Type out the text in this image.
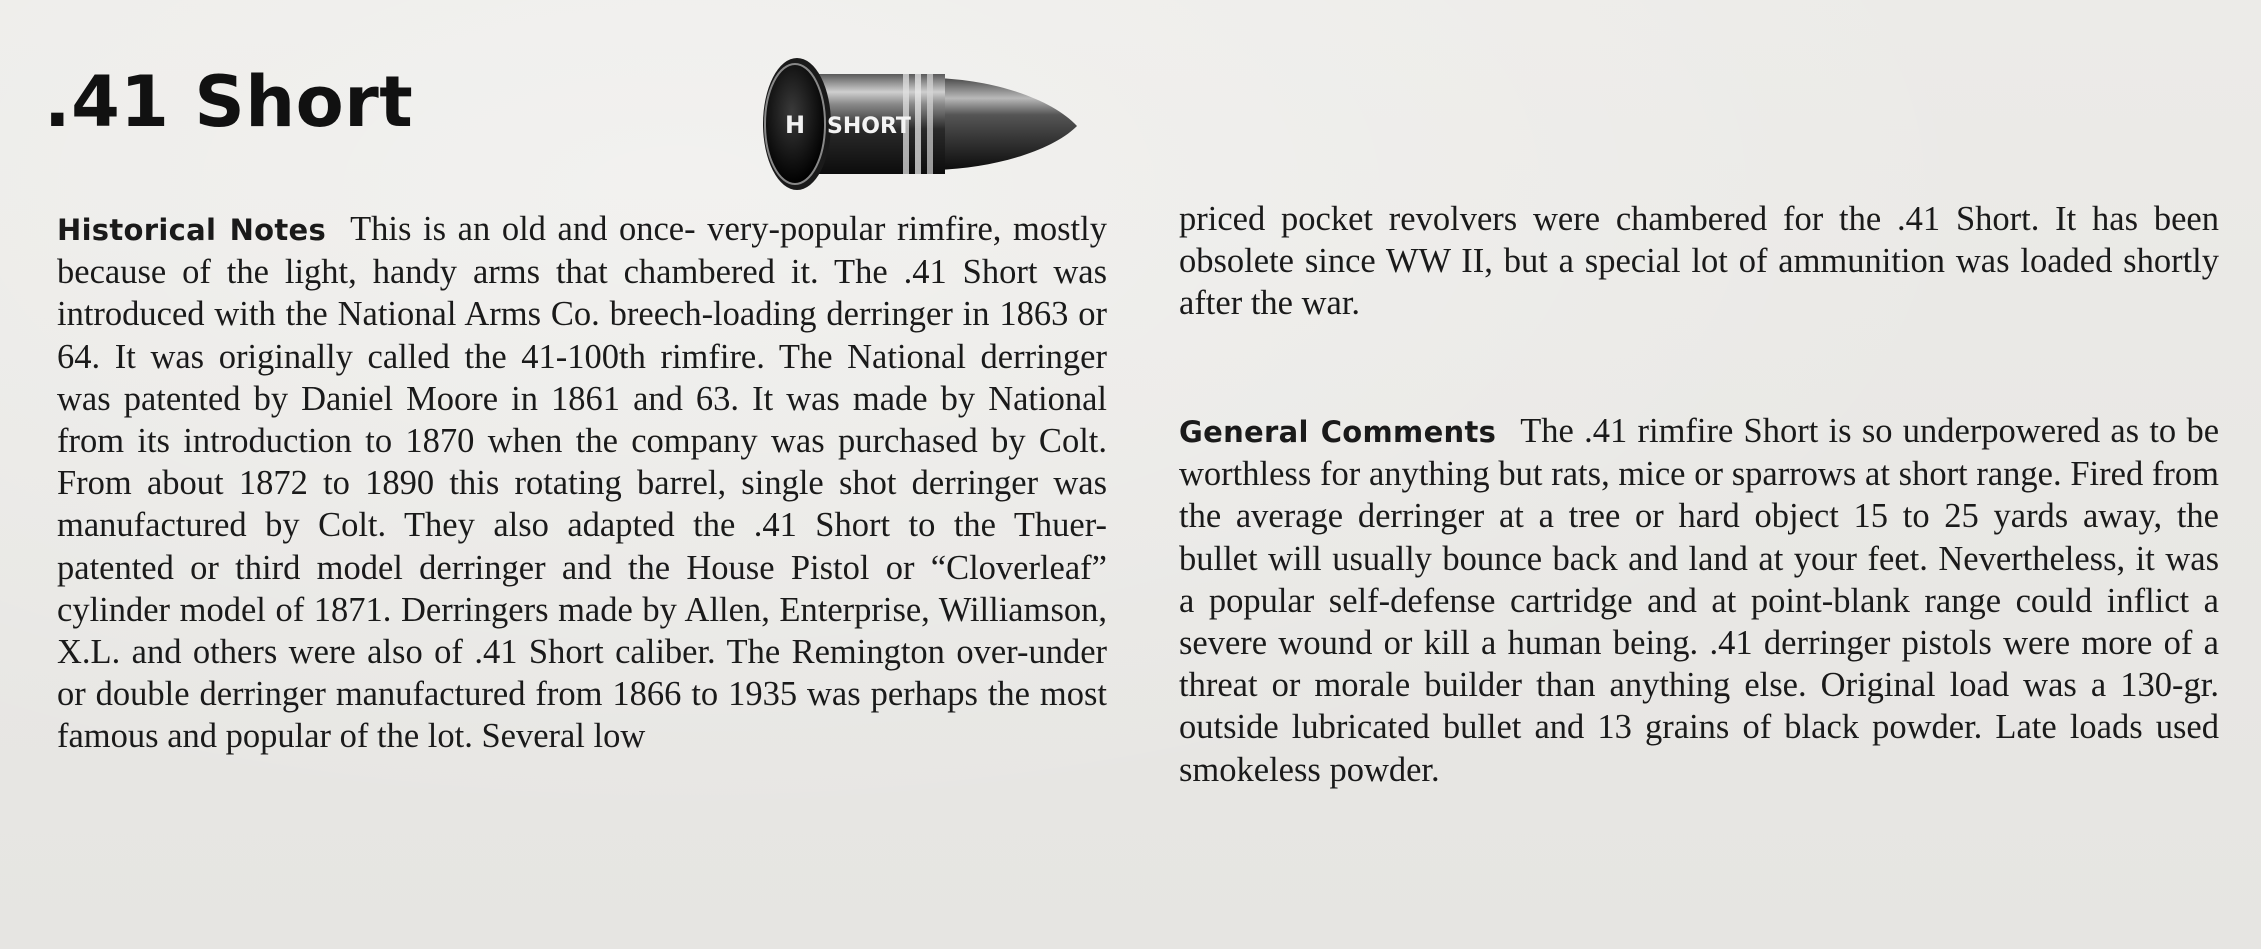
.41 Short	H SHORT

Historical Notes This is an old and once- very-popular rimfire, mostly because of the light, handy arms that chambered it. The .41 Short was introduced with the National Arms Co. breech-loading derringer in 1863 or 64. It was originally called the 41-100th rimfire. The National derringer was patented by Daniel Moore in 1861 and 63. It was made by National from its introduction to 1870 when the company was purchased by Colt. From about 1872 to 1890 this rotating barrel, single shot derringer was manufactured by Colt. They also adapted the .41 Short to the Thuer-patented or third model derringer and the House Pistol or “Cloverleaf” cylinder model of 1871. Derringers made by Allen, Enterprise, Williamson, X.L. and others were also of .41 Short caliber. The Remington over-under or double derringer manufactured from 1866 to 1935 was perhaps the most famous and popular of the lot. Several low

priced pocket revolvers were chambered for the .41 Short. It has been obsolete since WW II, but a special lot of ammunition was loaded shortly after the war.

General Comments The .41 rimfire Short is so underpowered as to be worthless for anything but rats, mice or sparrows at short range. Fired from the average derringer at a tree or hard object 15 to 25 yards away, the bullet will usually bounce back and land at your feet. Nevertheless, it was a popular self-defense cartridge and at point-blank range could inflict a severe wound or kill a human being. .41 derringer pistols were more of a threat or morale builder than anything else. Original load was a 130-gr. outside lubricated bullet and 13 grains of black powder. Late loads used smokeless powder.
